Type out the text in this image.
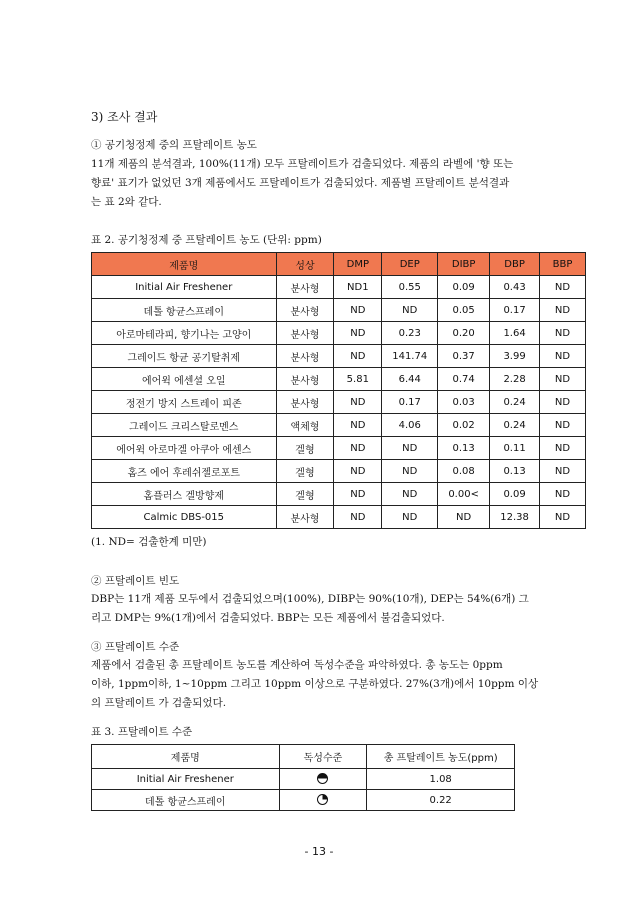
3) 조사 결과
① 공기청정제 중의 프탈레이트 농도
11개 제품의 분석결과, 100%(11개) 모두 프탈레이트가 검출되었다. 제품의 라벨에 '향 또는
향료' 표기가 없었던 3개 제품에서도 프탈레이트가 검출되었다. 제품별 프탈레이트 분석결과
는 표 2와 같다.
표 2. 공기청정제 중 프탈레이트 농도 (단위: ppm)
제품명	성상	DMP	DEP	DIBP	DBP	BBP
Initial Air Freshener	분사형	ND1	0.55	0.09	0.43	ND
데톨 항균스프레이	분사형	ND	ND	0.05	0.17	ND
아로마테라피, 향기나는 고양이	분사형	ND	0.23	0.20	1.64	ND
그레이드 항균 공기탈취제	분사형	ND	141.74	0.37	3.99	ND
에어윅 에센셜 오일	분사형	5.81	6.44	0.74	2.28	ND
정전기 방지 스트레이 피존	분사형	ND	0.17	0.03	0.24	ND
그레이드 크리스탈로멘스	액체형	ND	4.06	0.02	0.24	ND
에어윅 아로마겔 아쿠아 에센스	겔형	ND	ND	0.13	0.11	ND
홈즈 에어 후레쉬젤로포트	겔형	ND	ND	0.08	0.13	ND
홈플러스 겔방향제	겔형	ND	ND	0.00<	0.09	ND
Calmic DBS-015	분사형	ND	ND	ND	12.38	ND
(1. ND= 검출한계 미만)
② 프탈레이트 빈도
DBP는 11개 제품 모두에서 검출되었으며(100%), DIBP는 90%(10개), DEP는 54%(6개) 그
리고 DMP는 9%(1개)에서 검출되었다. BBP는 모든 제품에서 불검출되었다.
③ 프탈레이트 수준
제품에서 검출된 총 프탈레이트 농도를 계산하여 독성수준을 파악하였다. 총 농도는 0ppm
이하, 1ppm이하, 1~10ppm 그리고 10ppm 이상으로 구분하였다. 27%(3개)에서 10ppm 이상
의 프탈레이트 가 검출되었다.
표 3. 프탈레이트 수준
제품명	독성수준	총 프탈레이트 농도(ppm)
Initial Air Freshener		1.08
데톨 항균스프레이		0.22
- 13 -
